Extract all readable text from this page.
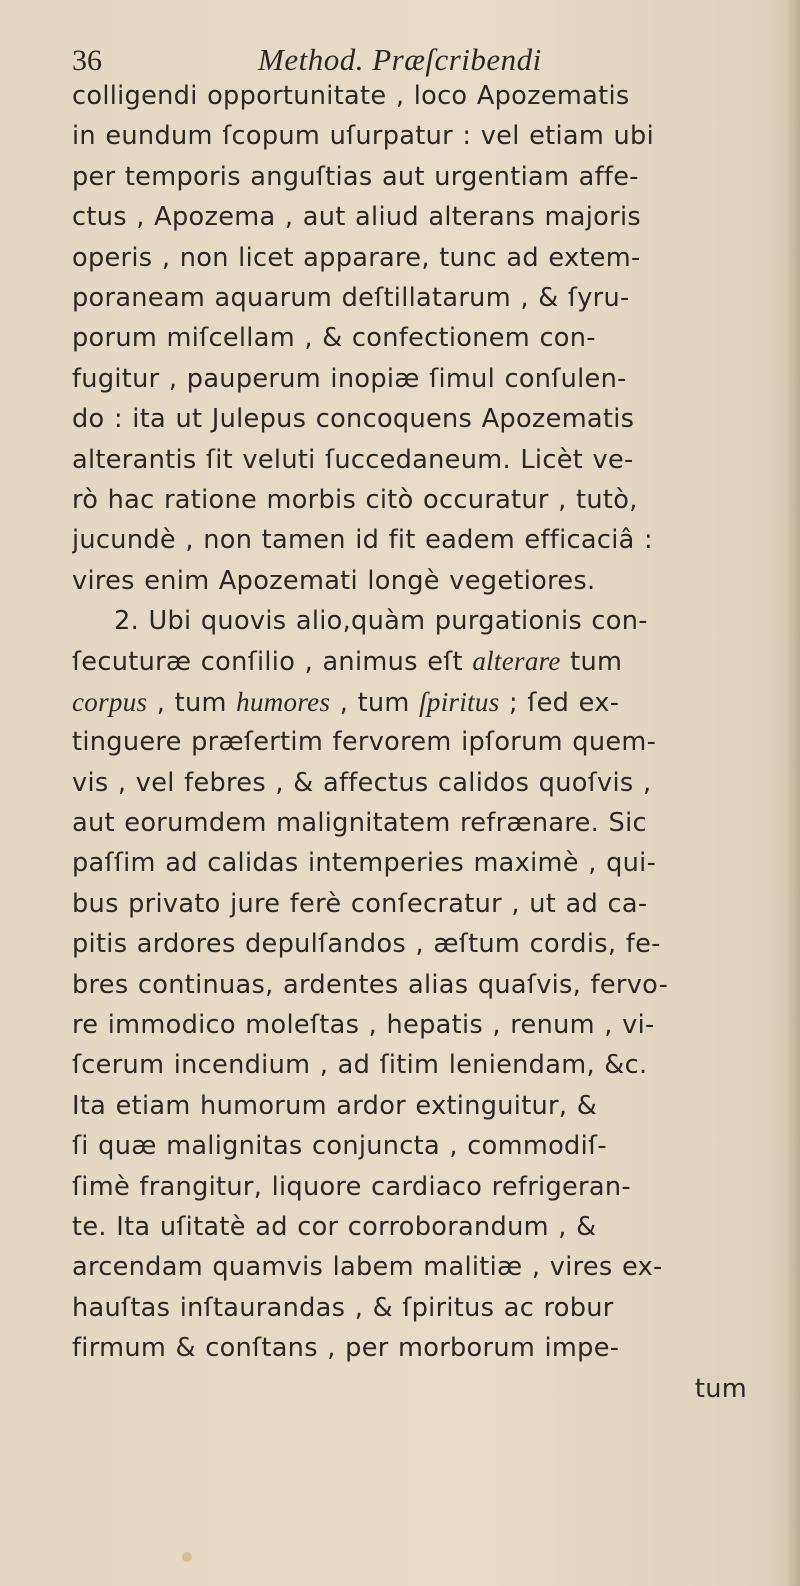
36	Method. Præſcribendi
colligendi opportunitate , loco Apozematis
in eundum ſcopum uſurpatur : vel etiam ubi
per temporis anguſtias aut urgentiam affe-
ctus , Apozema , aut aliud alterans majoris
operis , non licet apparare, tunc ad extem-
poraneam aquarum deſtillatarum , & ſyru-
porum miſcellam , & confectionem con-
fugitur , pauperum inopiæ ſimul conſulen-
do : ita ut Julepus concoquens Apozematis
alterantis ſit veluti ſuccedaneum. Licèt ve-
rò hac ratione morbis citò occuratur , tutò,
jucundè , non tamen id fit eadem efficaciâ :
vires enim Apozemati longè vegetiores.
2. Ubi quovis alio,quàm purgationis con-
ſecuturæ conſilio , animus eſt alterare tum
corpus , tum humores , tum ſpiritus ; ſed ex-
tinguere præſertim fervorem ipſorum quem-
vis , vel febres , & affectus calidos quoſvis ,
aut eorumdem malignitatem refrænare. Sic
paſſim ad calidas intemperies maximè , qui-
bus privato jure ferè conſecratur , ut ad ca-
pitis ardores depulſandos , æſtum cordis, fe-
bres continuas, ardentes alias quaſvis, fervo-
re immodico moleſtas , hepatis , renum , vi-
ſcerum incendium , ad ſitim leniendam, &c.
Ita etiam humorum ardor extinguitur, &
ſi quæ malignitas conjuncta , commodiſ-
ſimè frangitur, liquore cardiaco refrigeran-
te. Ita uſitatè ad cor corroborandum , &
arcendam quamvis labem malitiæ , vires ex-
hauſtas inſtaurandas , & ſpiritus ac robur
firmum & conſtans , per morborum impe-
tum
